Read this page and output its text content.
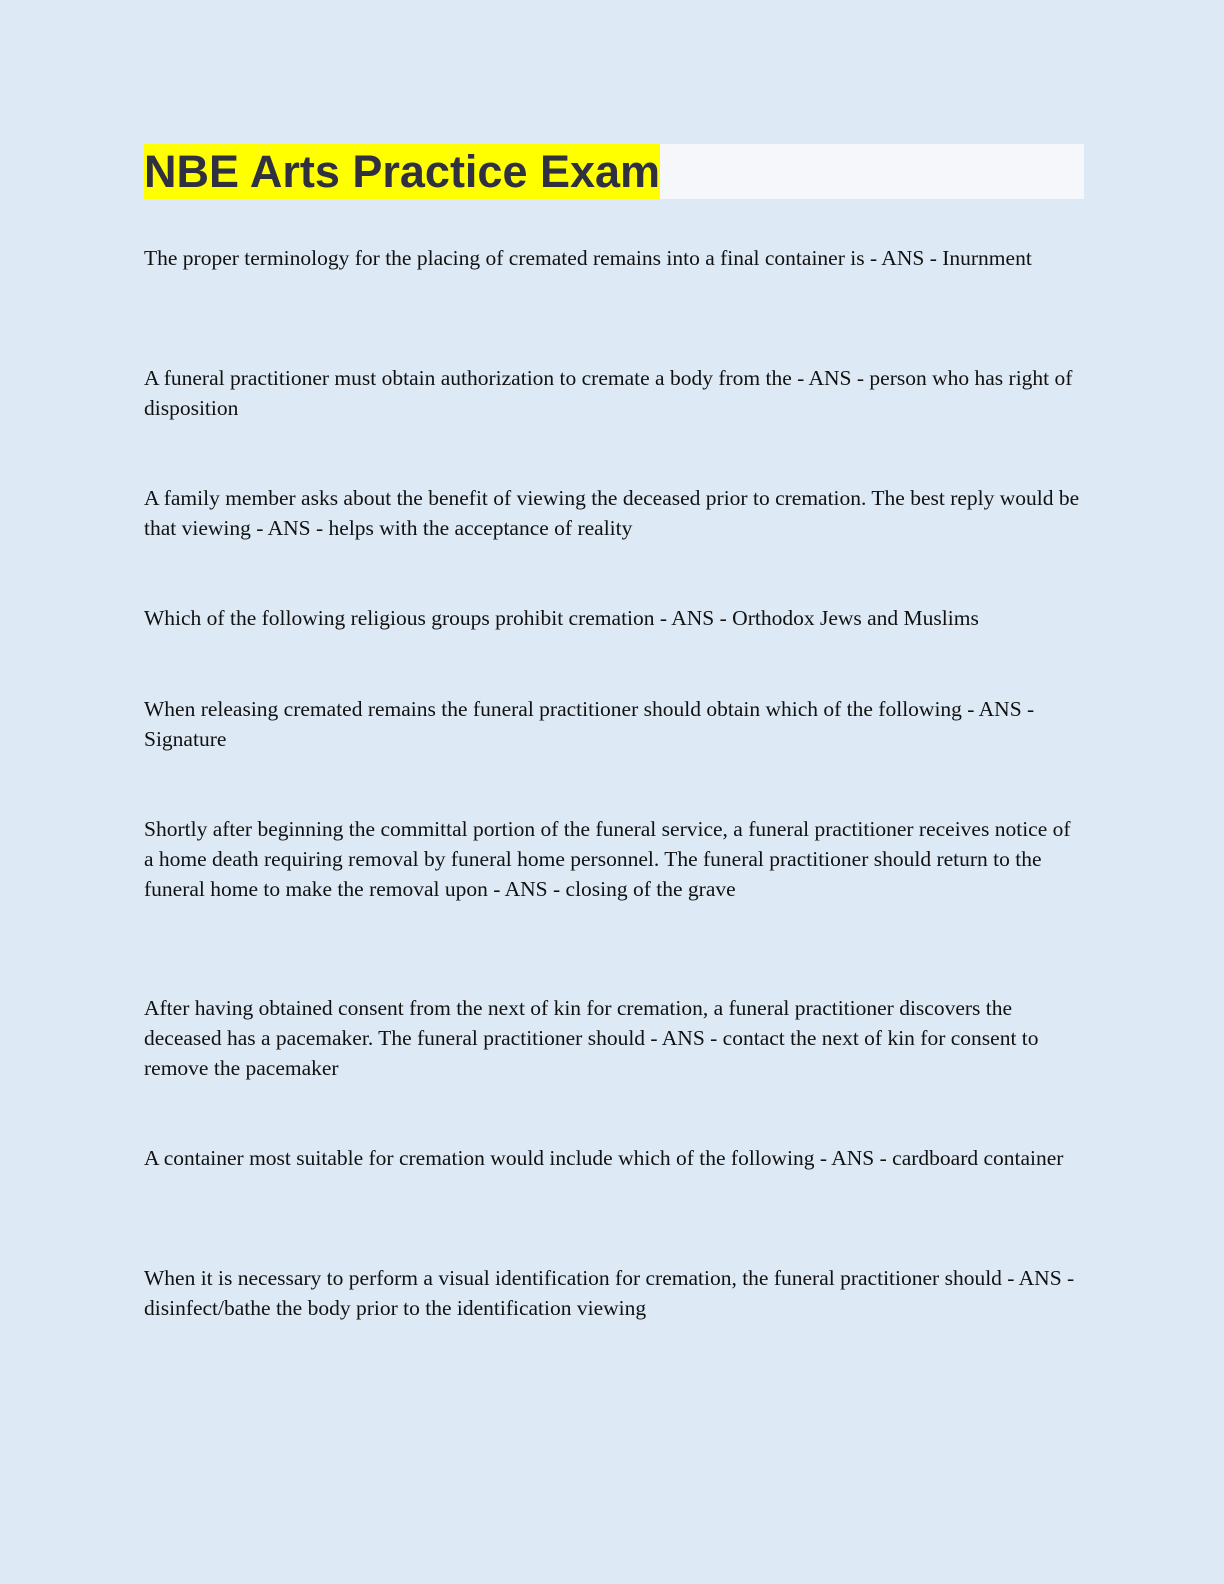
NBE Arts Practice Exam

The proper terminology for the placing of cremated remains into a final container is - ANS - Inurnment

A funeral practitioner must obtain authorization to cremate a body from the - ANS - person who has right of disposition

A family member asks about the benefit of viewing the deceased prior to cremation. The best reply would be that viewing - ANS - helps with the acceptance of reality

Which of the following religious groups prohibit cremation - ANS - Orthodox Jews and Muslims

When releasing cremated remains the funeral practitioner should obtain which of the following - ANS - Signature

Shortly after beginning the committal portion of the funeral service, a funeral practitioner receives notice of a home death requiring removal by funeral home personnel. The funeral practitioner should return to the funeral home to make the removal upon - ANS - closing of the grave

After having obtained consent from the next of kin for cremation, a funeral practitioner discovers the deceased has a pacemaker. The funeral practitioner should - ANS - contact the next of kin for consent to remove the pacemaker

A container most suitable for cremation would include which of the following - ANS - cardboard container

When it is necessary to perform a visual identification for cremation, the funeral practitioner should - ANS - disinfect/bathe the body prior to the identification viewing
